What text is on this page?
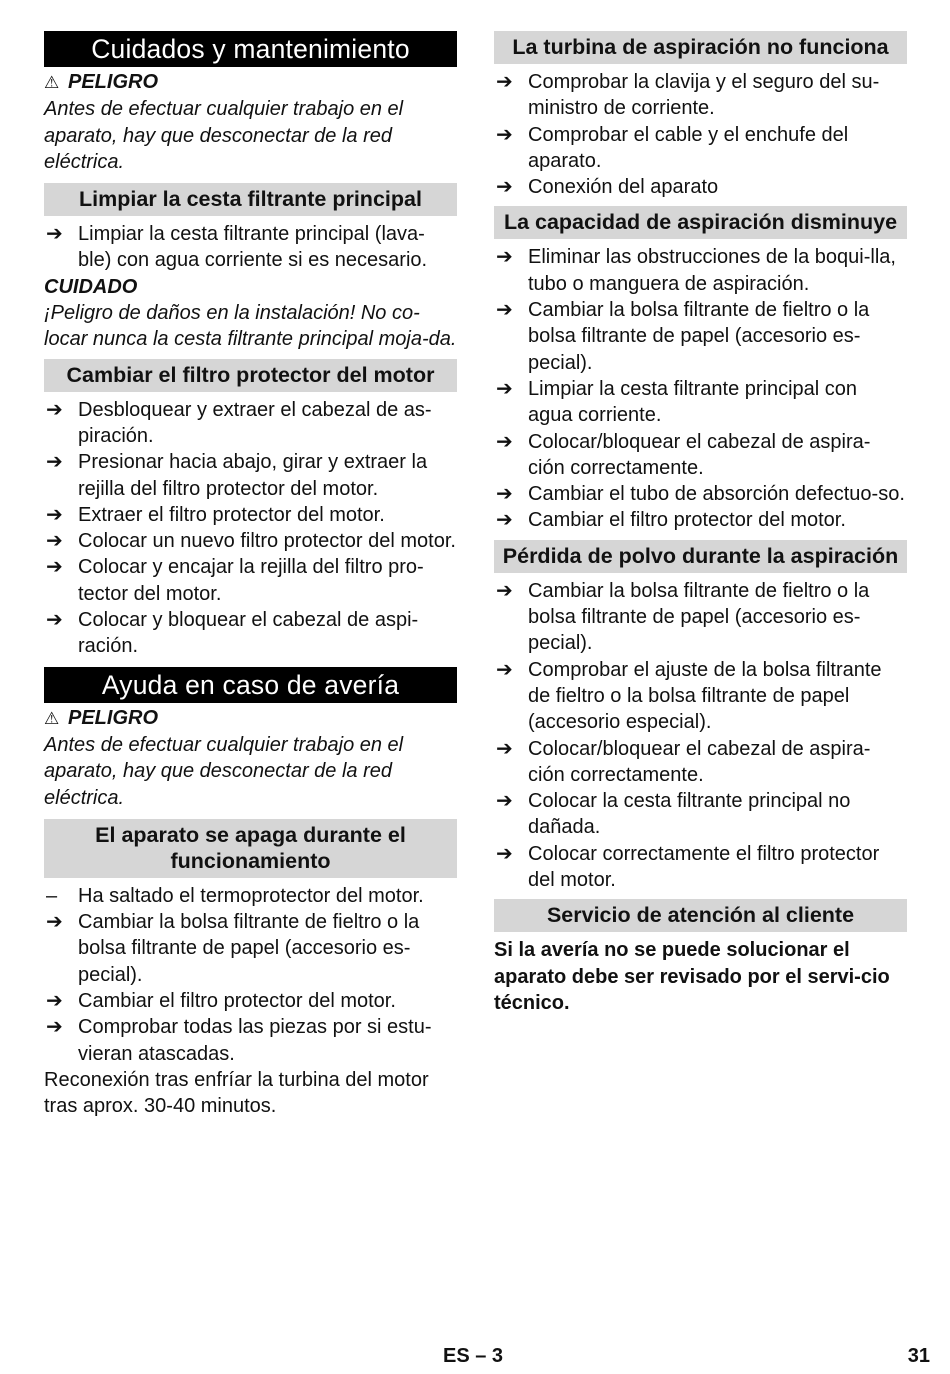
Cuidados y mantenimiento
⚠ PELIGRO

Antes de efectuar cualquier trabajo en el aparato, hay que desconectar de la red eléctrica.

Limpiar la cesta filtrante principal
➔ Limpiar la cesta filtrante principal (lava-ble) con agua corriente si es necesario.
CUIDADO

¡Peligro de daños en la instalación! No co-locar nunca la cesta filtrante principal moja-da.

Cambiar el filtro protector del motor
➔ Desbloquear y extraer el cabezal de as-piración.
➔ Presionar hacia abajo, girar y extraer la rejilla del filtro protector del motor.
➔ Extraer el filtro protector del motor.
➔ Colocar un nuevo filtro protector del motor.
➔ Colocar y encajar la rejilla del filtro pro-tector del motor.
➔ Colocar y bloquear el cabezal de aspi-ración.
Ayuda en caso de avería
⚠ PELIGRO

Antes de efectuar cualquier trabajo en el aparato, hay que desconectar de la red eléctrica.

El aparato se apaga durante el funcionamiento
–	Ha saltado el termoprotector del motor.
➔ Cambiar la bolsa filtrante de fieltro o la bolsa filtrante de papel (accesorio es-pecial).
➔ Cambiar el filtro protector del motor.
➔ Comprobar todas las piezas por si estu-vieran atascadas.

Reconexión tras enfríar la turbina del motor tras aprox. 30-40 minutos.

La turbina de aspiración no funciona
➔ Comprobar la clavija y el seguro del su-ministro de corriente.
➔ Comprobar el cable y el enchufe del aparato.
➔ Conexión del aparato
La capacidad de aspiración disminuye
➔ Eliminar las obstrucciones de la boqui-lla, tubo o manguera de aspiración.
➔ Cambiar la bolsa filtrante de fieltro o la bolsa filtrante de papel (accesorio es-pecial).
➔ Limpiar la cesta filtrante principal con agua corriente.
➔ Colocar/bloquear el cabezal de aspira-ción correctamente.
➔ Cambiar el tubo de absorción defectuo-so.
➔ Cambiar el filtro protector del motor.
Pérdida de polvo durante la aspiración
➔ Cambiar la bolsa filtrante de fieltro o la bolsa filtrante de papel (accesorio es-pecial).
➔ Comprobar el ajuste de la bolsa filtrante de fieltro o la bolsa filtrante de papel (accesorio especial).
➔ Colocar/bloquear el cabezal de aspira-ción correctamente.
➔ Colocar la cesta filtrante principal no dañada.
➔ Colocar correctamente el filtro protector del motor.
Servicio de atención al cliente

Si la avería no se puede solucionar el aparato debe ser revisado por el servi-cio técnico.

ES – 3	31
